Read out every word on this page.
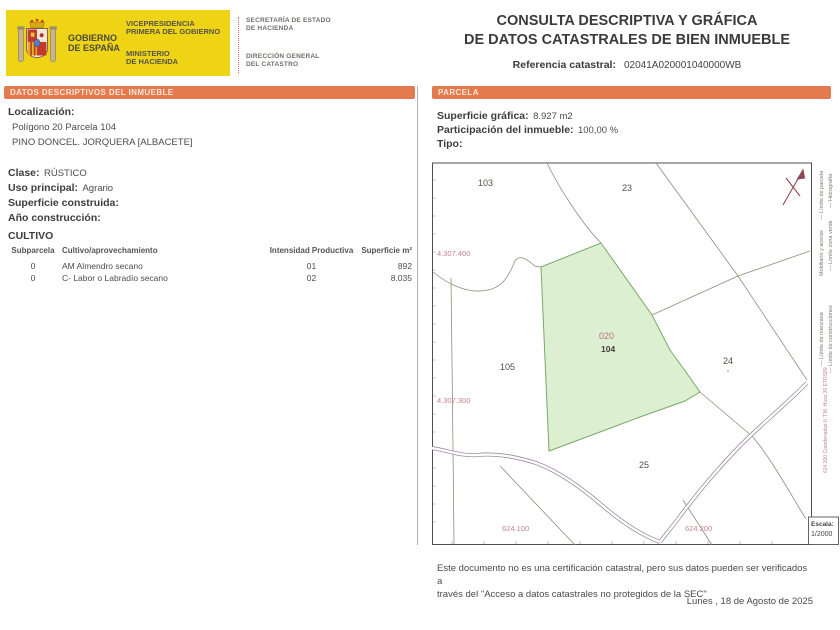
GOBIERNO
DE ESPAÑA
VICEPRESIDENCIA
PRIMERA DEL GOBIERNO
MINISTERIO
DE HACIENDA
SECRETARÍA DE ESTADO
DE HACIENDA
DIRECCIÓN GENERAL
DEL CATASTRO
CONSULTA DESCRIPTIVA Y GRÁFICA
DE DATOS CATASTRALES DE BIEN INMUEBLE
Referencia catastral: 02041A020001040000WB
DATOS DESCRIPTIVOS DEL INMUEBLE	PARCELA
Localización:
Polígono 20 Parcela 104
PINO DONCEL. JORQUERA [ALBACETE]
Clase: RÚSTICO
Uso principal: Agrario
Superficie construida:
Año construcción:
CULTIVO
Subparcela Cultivo/aprovechamiento	Intensidad Productiva	Superficie m²
0	AM Almendro secano	01	892
0	C- Labor o Labradío secano	02	8.035
Superficie gráfica: 8.927 m2
Participación del inmueble: 100,00 %
Tipo:
103	23
105
24
25
104
020
4.307.400
4.307.300
624.100	624.200
— Límite de parcela — Hidrografía
Mobiliario y aceras — Límite zona verde
— Límite de manzana — Límite de construcciones
624.300 Coordenadas U.T.M. Huso 30 ETRS89
Escala:
1/2000
Este documento no es una certificación catastral, pero sus datos pueden ser verificados a
través del "Acceso a datos catastrales no protegidos de la SEC"
Lunes , 18 de Agosto de 2025
